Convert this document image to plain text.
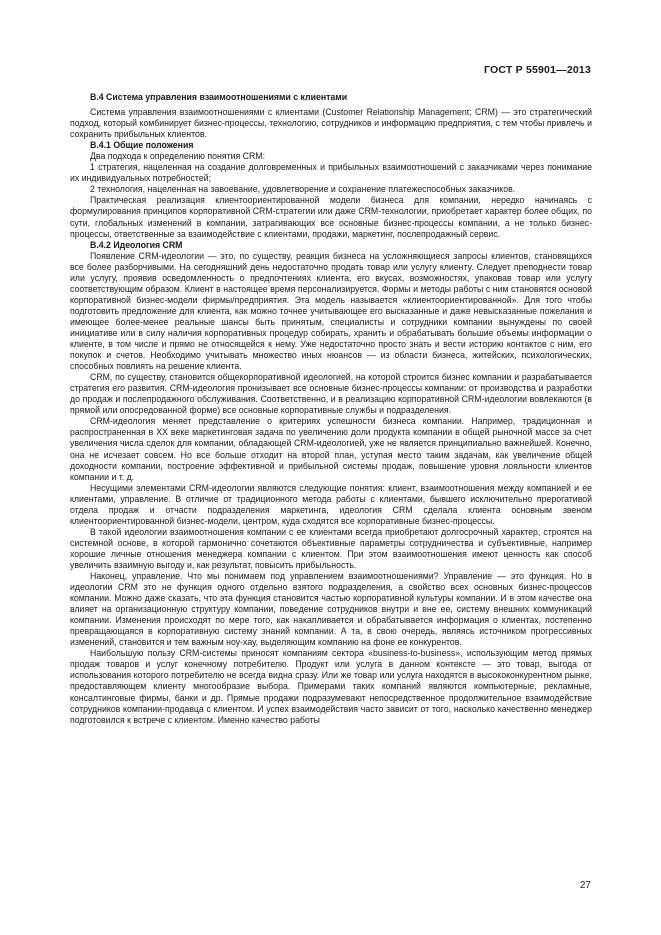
ГОСТ Р 55901—2013
В.4 Система управления взаимоотношениями с клиентами
Система управления взаимоотношениями с клиентами (Customer Relationship Management; CRM) — это стратегический подход, который комбинирует бизнес-процессы, технологию, сотрудников и информацию предприятия, с тем чтобы привлечь и сохранить прибыльных клиентов.
В.4.1 Общие положения
Два подхода к определению понятия CRM:
1 стратегия, нацеленная на создание долговременных и прибыльных взаимоотношений с заказчиками через понимание их индивидуальных потребностей;
2 технология, нацеленная на завоевание, удовлетворение и сохранение платежеспособных заказчиков.
Практическая реализация клиентоориентированной модели бизнеса для компании, нередко начинаясь с формулирования принципов корпоративной CRM-стратегии или даже CRM-технологии, приобретает характер более общих, по сути, глобальных изменений в компании, затрагивающих все основные бизнес-процессы компании, а не только бизнес-процессы, ответственные за взаимодействие с клиентами, продажи, маркетинг, послепродажный сервис.
В.4.2 Идеология CRM
Появление CRM-идеологии — это, по существу, реакция бизнеса на усложняющиеся запросы клиентов, становящихся все более разборчивыми. На сегодняшний день недостаточно продать товар или услугу клиенту. Следует преподнести товар или услугу, проявив осведомленность о предпочтениях клиента, его вкусах, возможностях, упаковав товар или услугу соответствующим образом. Клиент в настоящее время персонализируется. Формы и методы работы с ним становятся основой корпоративной бизнес-модели фирмы/предприятия. Эта модель называется «клиентоориентированной». Для того чтобы подготовить предложение для клиента, как можно точнее учитывающее его высказанные и даже невысказанные пожелания и имеющее более-менее реальные шансы быть принятым, специалисты и сотрудники компании вынуждены по своей инициативе или в силу наличия корпоративных процедур собирать, хранить и обрабатывать большие объемы информации о клиенте, в том числе и прямо не относящейся к нему. Уже недостаточно просто знать и вести историю контактов с ним, его покупок и счетов. Необходимо учитывать множество иных нюансов — из области бизнеса, житейских, психологических, способных повлиять на решение клиента.
CRM, по существу, становится общекорпоративной идеологией, на которой строится бизнес компании и разрабатывается стратегия его развития. CRM-идеология пронизывает все основные бизнес-процессы компании: от производства и разработки до продаж и послепродажного обслуживания. Соответственно, и в реализацию корпоративной CRM-идеологии вовлекаются (в прямой или опосредованной форме) все основные корпоративные службы и подразделения.
CRM-идеология меняет представление о критериях успешности бизнеса компании. Например, традиционная и распространенная в XX веке маркетинговая задача по увеличению доли продукта компании в общей рыночной массе за счет увеличения числа сделок для компании, обладающей CRM-идеологией, уже не является принципиально важнейшей. Конечно, она не исчезает совсем. Но все больше отходит на второй план, уступая место таким задачам, как увеличение общей доходности компании, построение эффективной и прибыльной системы продаж, повышение уровня лояльности клиентов компании и т. д.
Несущими элементами CRM-идеологии являются следующие понятия: клиент, взаимоотношения между компанией и ее клиентами, управление. В отличие от традиционного метода работы с клиентами, бывшего исключительно прерогативой отдела продаж и отчасти подразделения маркетинга, идеология CRM сделала клиента основным звеном клиентоориентированной бизнес-модели, центром, куда сходятся все корпоративные бизнес-процессы.
В такой идеологии взаимоотношения компании с ее клиентами всегда приобретают долгосрочный характер, строятся на системной основе, в которой гармонично сочетаются объективные параметры сотрудничества и субъективные, например хорошие личные отношения менеджера компании с клиентом. При этом взаимоотношения имеют ценность как способ увеличить взаимную выгоду и, как результат, повысить прибыльность.
Наконец, управление. Что мы понимаем под управлением взаимоотношениями? Управление — это функция. Но в идеологии CRM это не функция одного отдельно взятого подразделения, а свойство всех основных бизнес-процессов компании. Можно даже сказать, что эта функция становится частью корпоративной культуры компании. И в этом качестве она влияет на организационную структуру компании, поведение сотрудников внутри и вне ее, систему внешних коммуникаций компании. Изменения происходят по мере того, как накапливается и обрабатывается информация о клиентах, постепенно превращающаяся в корпоративную систему знаний компании. А та, в свою очередь, являясь источником прогрессивных изменений, становится и тем важным ноу-хау, выделяющим компанию на фоне ее конкурентов.
Наибольшую пользу CRM-системы приносят компаниям сектора «business-to-business», использующим метод прямых продаж товаров и услуг конечному потребителю. Продукт или услуга в данном контексте — это товар, выгода от использования которого потребителю не всегда видна сразу. Или же товар или услуга находятся в высококонкурентном рынке, предоставляющем клиенту многообразие выбора. Примерами таких компаний являются компьютерные, рекламные, консалтинговые фирмы, банки и др. Прямые продажи подразумевают непосредственное продолжительное взаимодействие сотрудников компании-продавца с клиентом. И успех взаимодействия часто зависит от того, насколько качественно менеджер подготовился к встрече с клиентом. Именно качество работы
27
